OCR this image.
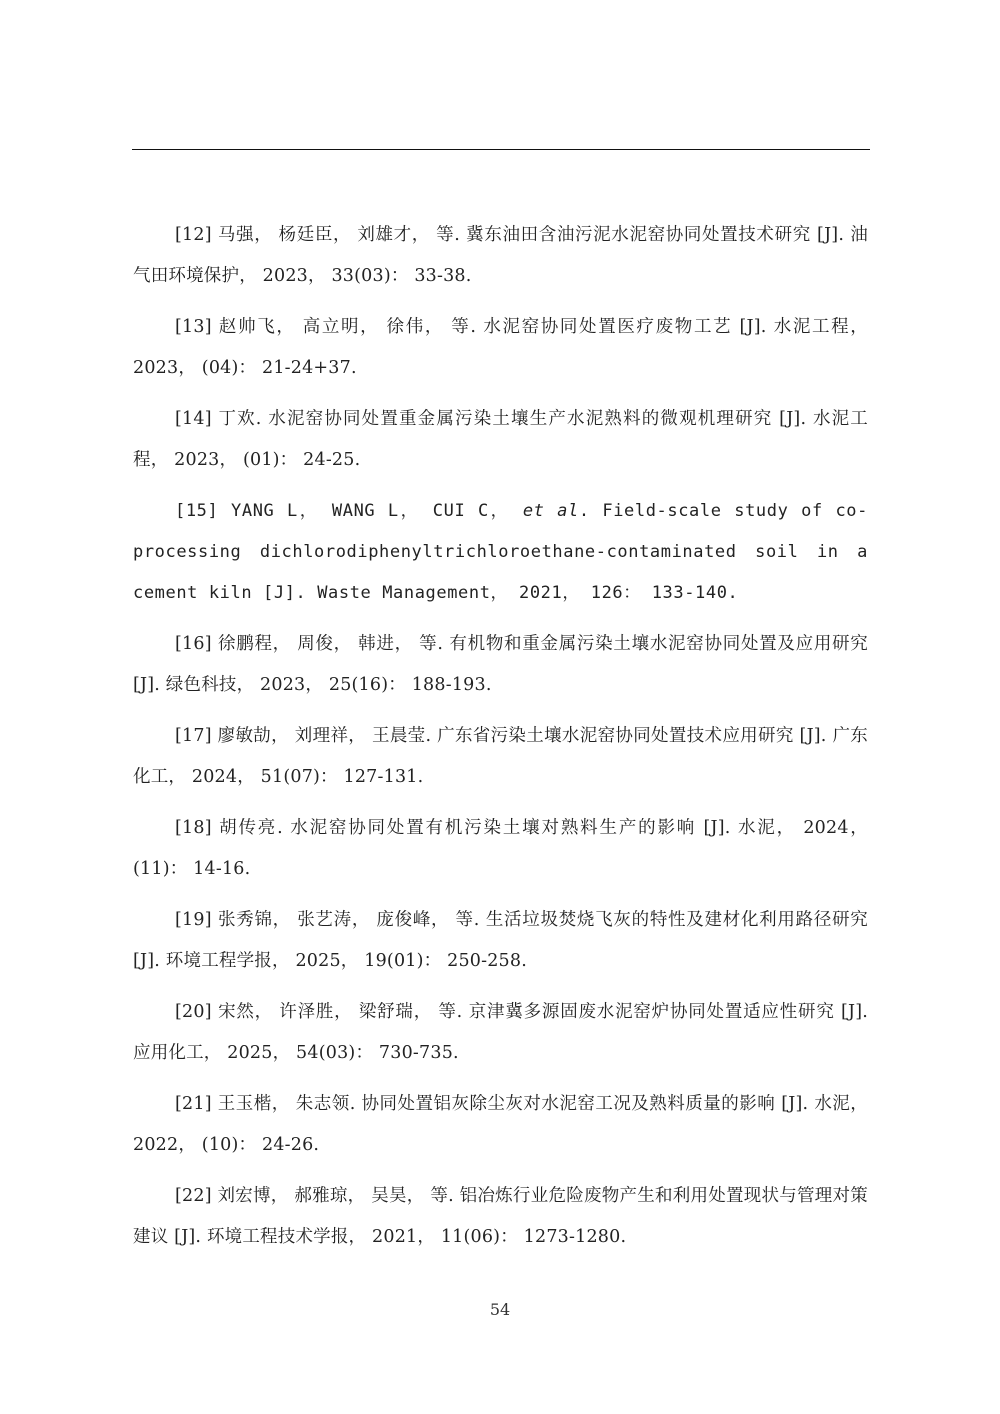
[12] 马强， 杨廷臣， 刘雄才， 等. 冀东油田含油污泥水泥窑协同处置技术研究 [J]. 油气田环境保护， 2023， 33(03)： 33-38.

[13] 赵帅飞， 高立明， 徐伟， 等. 水泥窑协同处置医疗废物工艺 [J]. 水泥工程， 2023， (04)： 21-24+37.

[14] 丁欢. 水泥窑协同处置重金属污染土壤生产水泥熟料的微观机理研究 [J]. 水泥工程， 2023， (01)： 24-25.

[15] YANG L， WANG L， CUI C， et al. Field-scale study of co-processing dichlorodiphenyltrichloroethane-contaminated soil in a cement kiln [J]. Waste Management， 2021， 126： 133-140.

[16] 徐鹏程， 周俊， 韩进， 等. 有机物和重金属污染土壤水泥窑协同处置及应用研究 [J]. 绿色科技， 2023， 25(16)： 188-193.

[17] 廖敏劼， 刘理祥， 王晨莹. 广东省污染土壤水泥窑协同处置技术应用研究 [J]. 广东化工， 2024， 51(07)： 127-131.

[18] 胡传亮. 水泥窑协同处置有机污染土壤对熟料生产的影响 [J]. 水泥， 2024， (11)： 14-16.

[19] 张秀锦， 张艺涛， 庞俊峰， 等. 生活垃圾焚烧飞灰的特性及建材化利用路径研究 [J]. 环境工程学报， 2025， 19(01)： 250-258.

[20] 宋然， 许泽胜， 梁舒瑞， 等. 京津冀多源固废水泥窑炉协同处置适应性研究 [J]. 应用化工， 2025， 54(03)： 730-735.

[21] 王玉楷， 朱志领. 协同处置铝灰除尘灰对水泥窑工况及熟料质量的影响 [J]. 水泥， 2022， (10)： 24-26.

[22] 刘宏博， 郝雅琼， 吴昊， 等. 铝冶炼行业危险废物产生和利用处置现状与管理对策建议 [J]. 环境工程技术学报， 2021， 11(06)： 1273-1280.

54
